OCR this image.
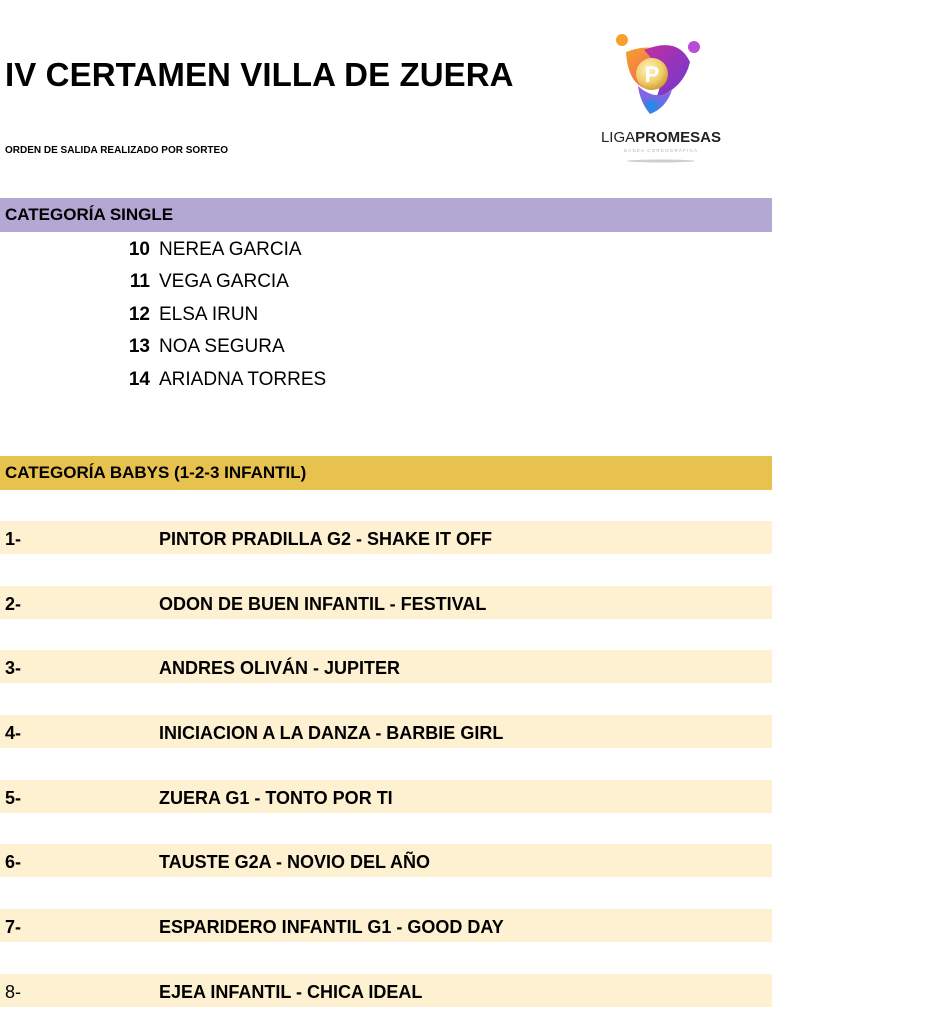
IV CERTAMEN VILLA DE ZUERA
ORDEN DE SALIDA REALIZADO POR SORTEO
P
LIGAPROMESAS
DANZA COREOGRÁFICA
CATEGORÍA SINGLE
10 NEREA GARCIA
11 VEGA GARCIA
12 ELSA IRUN
13 NOA SEGURA
14 ARIADNA TORRES
CATEGORÍA BABYS (1-2-3 INFANTIL)
1-	PINTOR PRADILLA G2 - SHAKE IT OFF
2-	ODON DE BUEN INFANTIL - FESTIVAL
3-	ANDRES OLIVÁN - JUPITER
4-	INICIACION A LA DANZA - BARBIE GIRL
5-	ZUERA G1 - TONTO POR TI
6-	TAUSTE G2A - NOVIO DEL AÑO
7-	ESPARIDERO INFANTIL G1 - GOOD DAY
8-	EJEA INFANTIL - CHICA IDEAL
